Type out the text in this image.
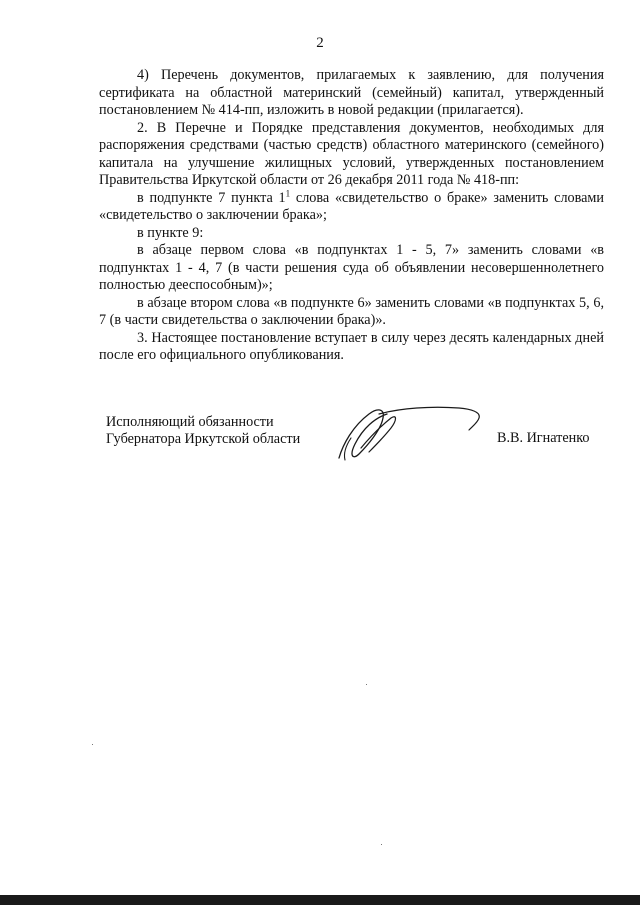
2

4) Перечень документов, прилагаемых к заявлению, для получения сертификата на областной материнский (семейный) капитал, утвержденный постановлением № 414-пп, изложить в новой редакции (прилагается).

2. В Перечне и Порядке представления документов, необходимых для распоряжения средствами (частью средств) областного материнского (семейного) капитала на улучшение жилищных условий, утвержденных постановлением Правительства Иркутской области от 26 декабря 2011 года № 418-пп:

в подпункте 7 пункта $1^1$ слова «свидетельство о браке» заменить словами «свидетельство о заключении брака»;

в пункте 9:

в абзаце первом слова «в подпунктах 1 - 5, 7» заменить словами «в подпунктах 1 - 4, 7 (в части решения суда об объявлении несовершеннолетнего полностью дееспособным)»;

в абзаце втором слова «в подпункте 6» заменить словами «в подпунктах 5, 6, 7 (в части свидетельства о заключении брака)».

3. Настоящее постановление вступает в силу через десять календарных дней после его официального опубликования.

Исполняющий обязанности
Губернатора Иркутской области	В.В. Игнатенко
